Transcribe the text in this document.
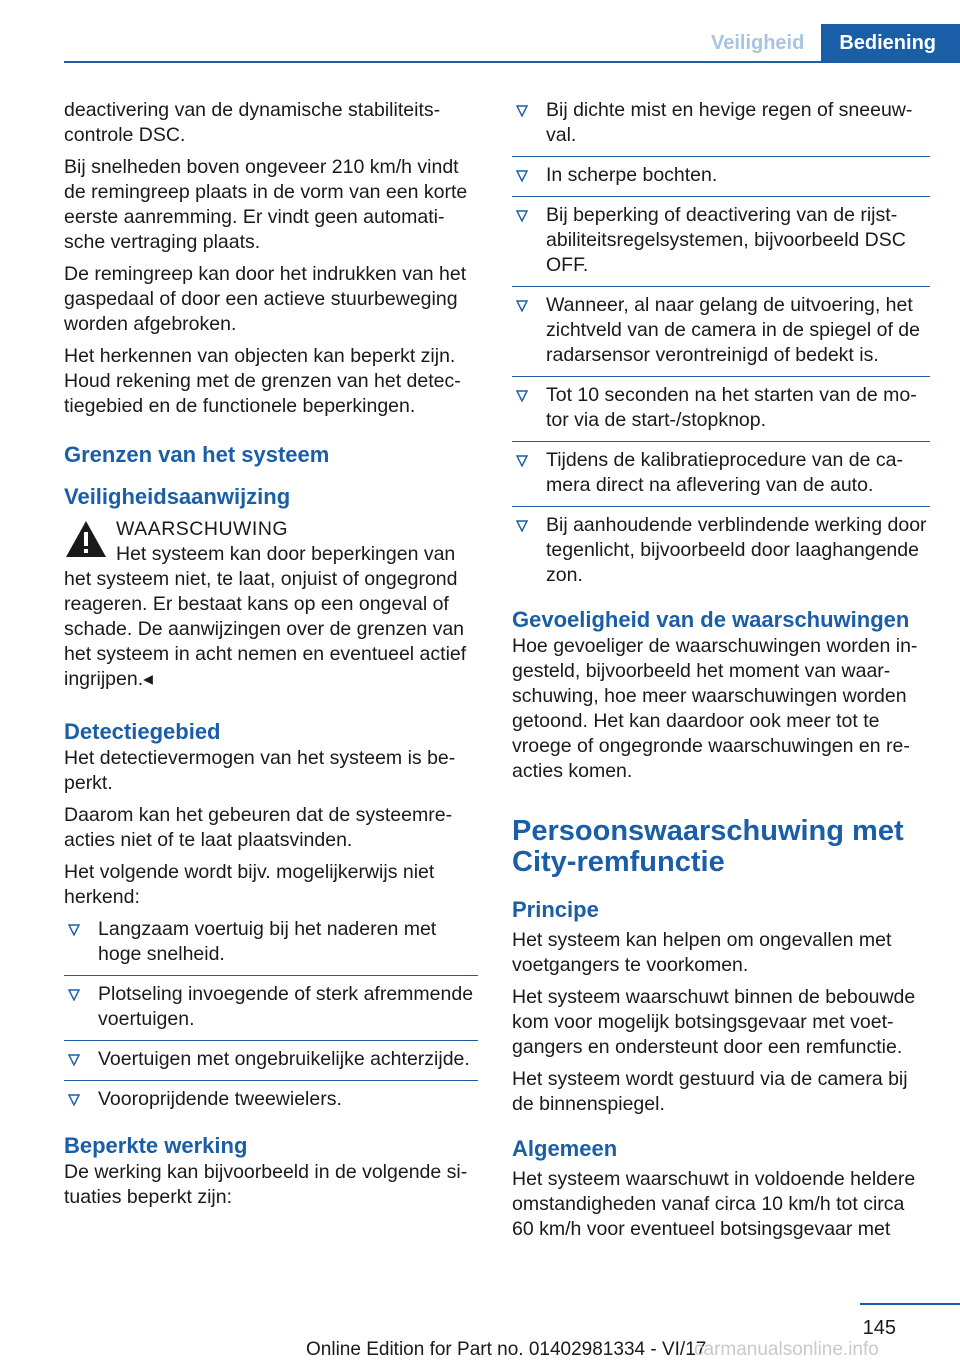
Veiligheid	Bediening

deactivering van de dynamische stabiliteitscontrole DSC.

Bij snelheden boven ongeveer 210 km/h vindt de remingreep plaats in de vorm van een korte eerste aanremming. Er vindt geen automatische vertraging plaats.

De remingreep kan door het indrukken van het gaspedaal of door een actieve stuurbeweging worden afgebroken.

Het herkennen van objecten kan beperkt zijn. Houd rekening met de grenzen van het detectiegebied en de functionele beperkingen.

Grenzen van het systeem
Veiligheidsaanwijzing
WAARSCHUWING
Het systeem kan door beperkingen van het systeem niet, te laat, onjuist of ongegrond reageren. Er bestaat kans op een ongeval of schade. De aanwijzingen over de grenzen van het systeem in acht nemen en eventueel actief ingrijpen.◂
Detectiegebied

Het detectievermogen van het systeem is beperkt.

Daarom kan het gebeuren dat de systeemreacties niet of te laat plaatsvinden.

Het volgende wordt bijv. mogelijkerwijs niet herkend:

Langzaam voertuig bij het naderen met hoge snelheid.
Plotseling invoegende of sterk afremmende voertuigen.
Voertuigen met ongebruikelijke achterzijde.
Vooroprijdende tweewielers.
Beperkte werking

De werking kan bijvoorbeeld in de volgende situaties beperkt zijn:

Bij dichte mist en hevige regen of sneeuwval.
In scherpe bochten.
Bij beperking of deactivering van de rijstabiliteitsregelsystemen, bijvoorbeeld DSC OFF.
Wanneer, al naar gelang de uitvoering, het zichtveld van de camera in de spiegel of de radarsensor verontreinigd of bedekt is.
Tot 10 seconden na het starten van de motor via de start-/stopknop.
Tijdens de kalibratieprocedure van de camera direct na aflevering van de auto.
Bij aanhoudende verblindende werking door tegenlicht, bijvoorbeeld door laaghangende zon.
Gevoeligheid van de waarschuwingen

Hoe gevoeliger de waarschuwingen worden ingesteld, bijvoorbeeld het moment van waarschuwing, hoe meer waarschuwingen worden getoond. Het kan daardoor ook meer tot te vroege of ongegronde waarschuwingen en reacties komen.

Persoonswaarschuwing met City-remfunctie
Principe

Het systeem kan helpen om ongevallen met voetgangers te voorkomen.

Het systeem waarschuwt binnen de bebouwde kom voor mogelijk botsingsgevaar met voetgangers en ondersteunt door een remfunctie.

Het systeem wordt gestuurd via de camera bij de binnenspiegel.

Algemeen

Het systeem waarschuwt in voldoende heldere omstandigheden vanaf circa 10 km/h tot circa 60 km/h voor eventueel botsingsgevaar met

145
Online Edition for Part no. 01402981334 - VI/17
carmanualsonline.info
